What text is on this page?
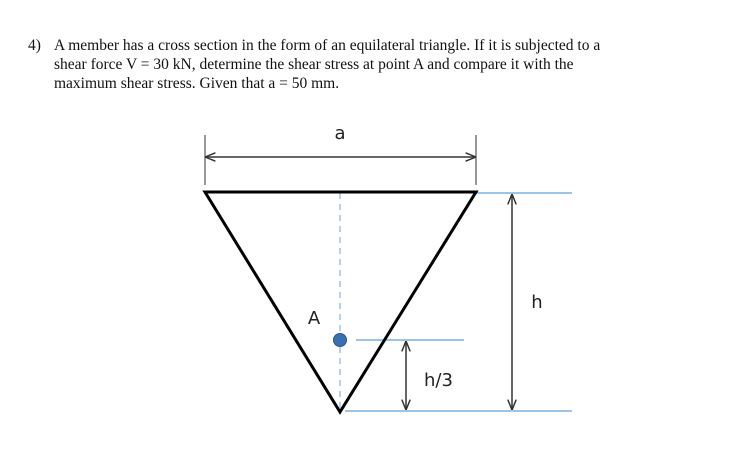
4) A member has a cross section in the form of an equilateral triangle. If it is subjected to a
shear force V = 30 kN, determine the shear stress at point A and compare it with the
maximum shear stress. Given that a = 50 mm.
a
h
h/3
A
